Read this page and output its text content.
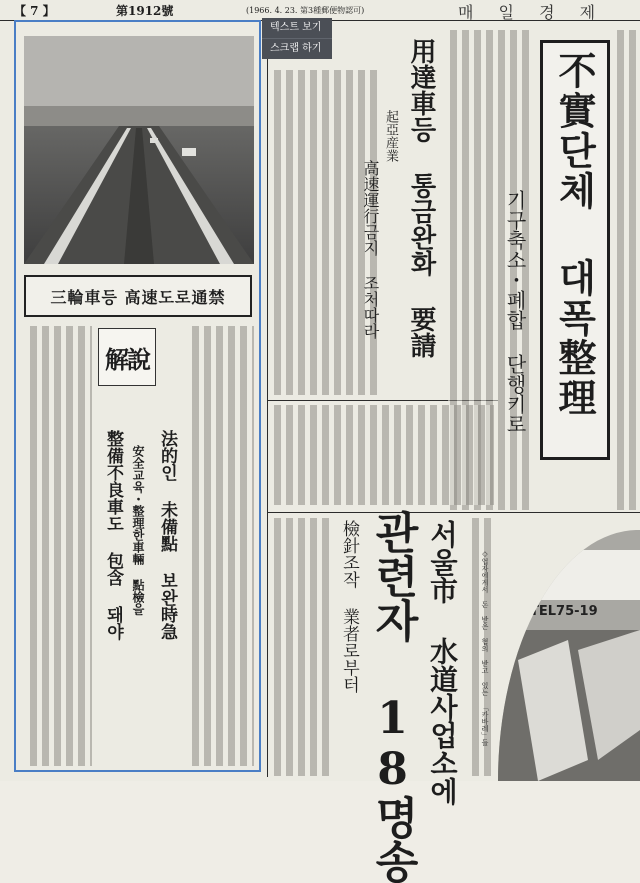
【 7 】	第1912號	(1966. 4. 23. 第3種郵便物認可)	매 일 경 제
三輪車등 高速도로通禁
解說
法的인 未備點 보완時急
安全교육・整理한車輛 點檢을
整備不良車도 包含 돼야
텍스트 보기
스크랩 하기	用達車등 통금완화 要請
起亞産業
高速運行금지 조처따라	不實단체 대폭整理
기구축소・폐합 단행키로
서울市 水道사업소에
관련자 18명송
檢針조작 業者로부터	TEL75-19
◇업자에게서 돈 받은 혐의 받고 있는 「카바레」들
